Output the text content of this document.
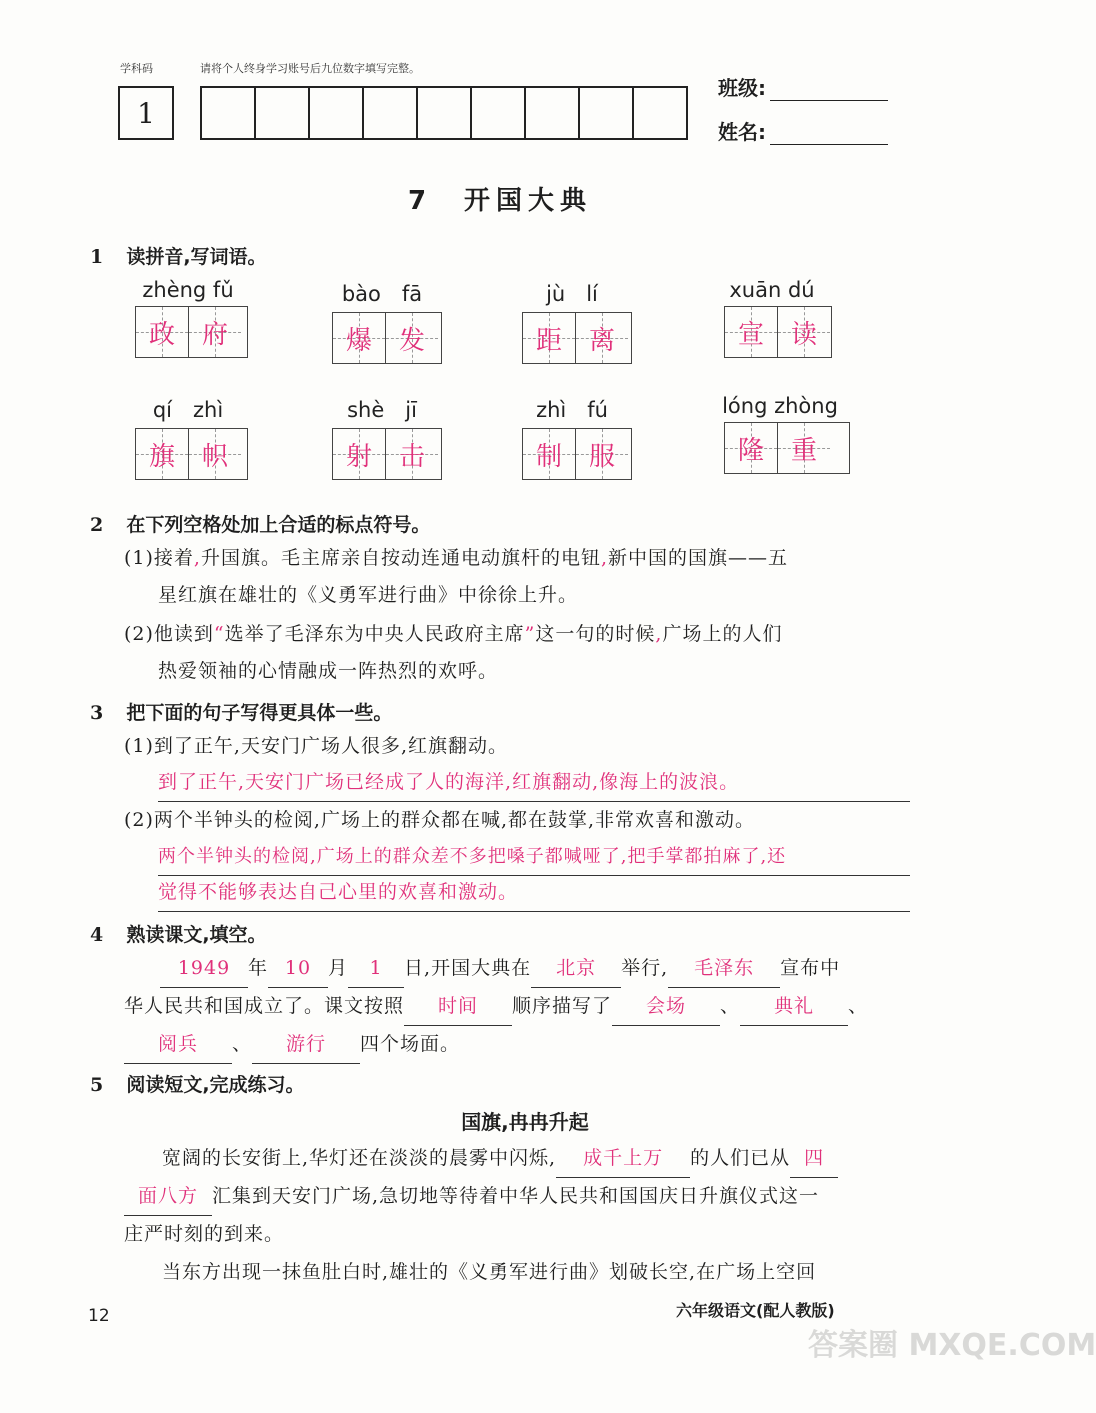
学科码	请将个人终身学习账号后九位数字填写完整。
1
班级:
姓名:
7　开国大典
1 读拼音,写词语。
zhèng fǔ
政 府
bào　fā
爆 发
jù　lí
距 离
xuān dú
宣 读
qí　zhì
旗 帜
shè　jī
射 击
zhì　fú
制 服
lóng zhòng
隆 重
2 在下列空格处加上合适的标点符号。
(1)接着,升国旗。毛主席亲自按动连通电动旗杆的电钮,新中国的国旗——五
星红旗在雄壮的《义勇军进行曲》中徐徐上升。
(2)他读到“选举了毛泽东为中央人民政府主席”这一句的时候,广场上的人们
热爱领袖的心情融成一阵热烈的欢呼。
3 把下面的句子写得更具体一些。
(1)到了正午,天安门广场人很多,红旗翻动。
到了正午,天安门广场已经成了人的海洋,红旗翻动,像海上的波浪。
(2)两个半钟头的检阅,广场上的群众都在喊,都在鼓掌,非常欢喜和激动。
两个半钟头的检阅,广场上的群众差不多把嗓子都喊哑了,把手掌都拍麻了,还
觉得不能够表达自己心里的欢喜和激动。
4 熟读课文,填空。
1949 年 10 月 1 日,开国大典在 北京 举行, 毛泽东 宣布中
华人民共和国成立了。课文按照 时间 顺序描写了 会场 、 典礼 、
阅兵 、 游行 四个场面。
5 阅读短文,完成练习。
国旗,冉冉升起
宽阔的长安街上,华灯还在淡淡的晨雾中闪烁, 成千上万 的人们已从 四
面八方 汇集到天安门广场,急切地等待着中华人民共和国国庆日升旗仪式这一
庄严时刻的到来。
当东方出现一抹鱼肚白时,雄壮的《义勇军进行曲》划破长空,在广场上空回
12	六年级语文(配人教版)
答案圈 MXQE.COM
